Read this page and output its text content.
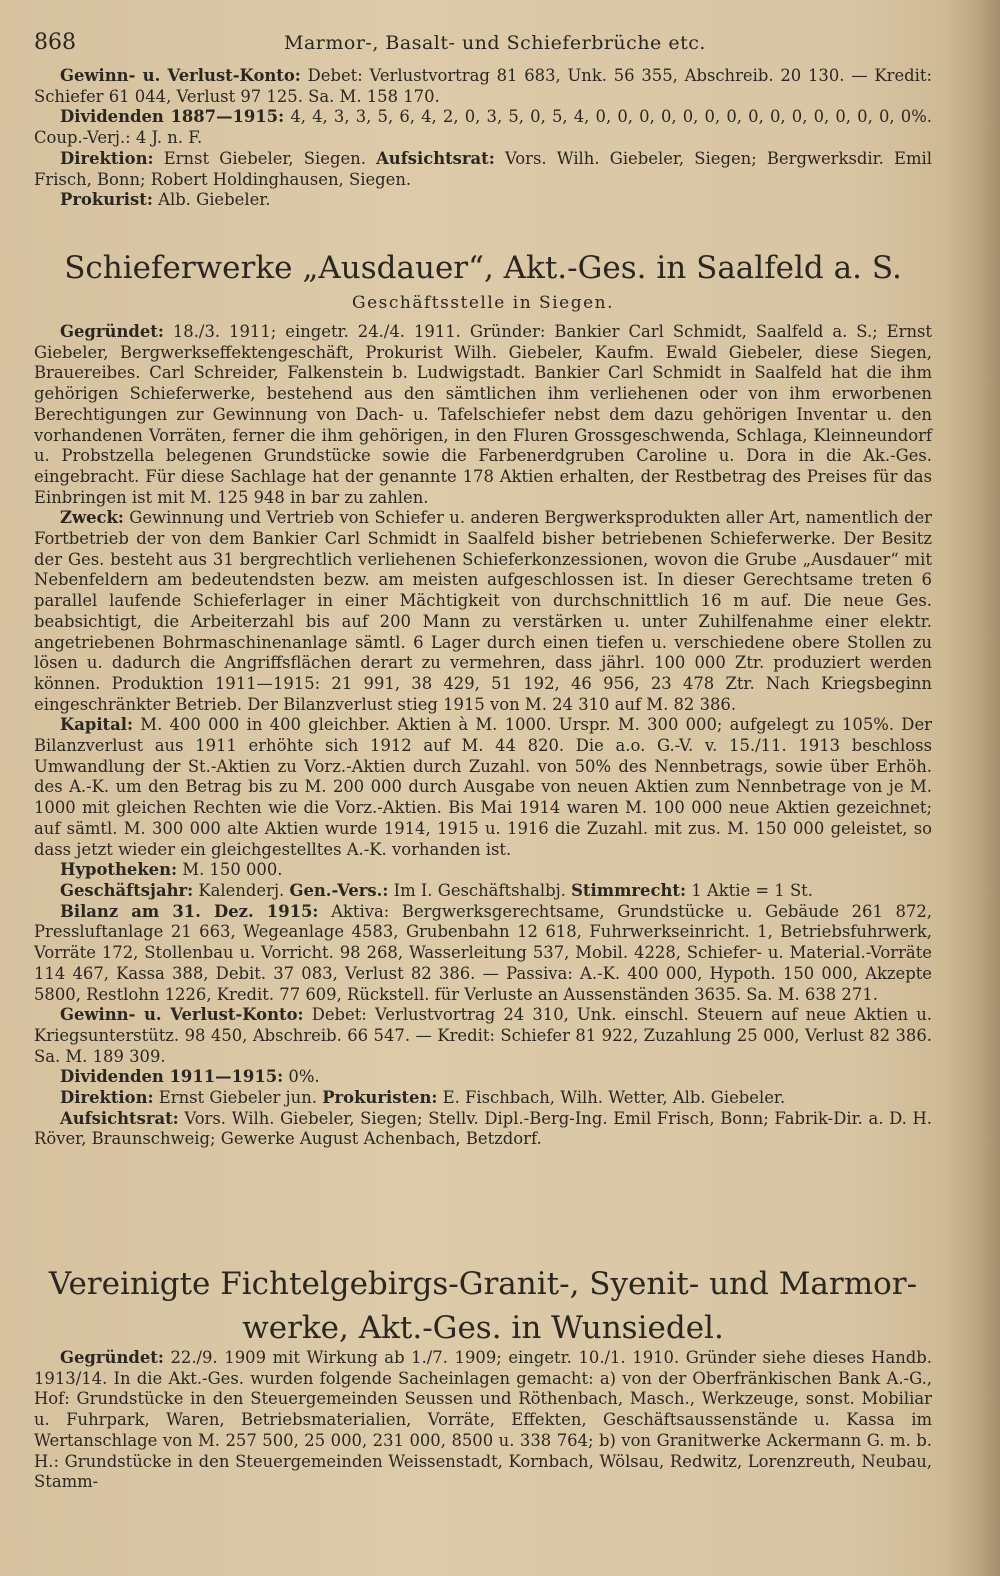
868	Marmor-, Basalt- und Schieferbrüche etc.

Gewinn- u. Verlust-Konto: Debet: Verlustvortrag 81 683, Unk. 56 355, Abschreib. 20 130. — Kredit: Schiefer 61 044, Verlust 97 125. Sa. M. 158 170.

Dividenden 1887—1915: 4, 4, 3, 3, 5, 6, 4, 2, 0, 3, 5, 0, 5, 4, 0, 0, 0, 0, 0, 0, 0, 0, 0, 0, 0, 0, 0, 0, 0%. Coup.-Verj.: 4 J. n. F.

Direktion: Ernst Giebeler, Siegen. Aufsichtsrat: Vors. Wilh. Giebeler, Siegen; Bergwerksdir. Emil Frisch, Bonn; Robert Holdinghausen, Siegen.

Prokurist: Alb. Giebeler.

Schieferwerke „Ausdauer“, Akt.-Ges. in Saalfeld a. S.
Geschäftsstelle in Siegen.

Gegründet: 18./3. 1911; eingetr. 24./4. 1911. Gründer: Bankier Carl Schmidt, Saalfeld a. S.; Ernst Giebeler, Bergwerkseffektengeschäft, Prokurist Wilh. Giebeler, Kaufm. Ewald Giebeler, diese Siegen, Brauereibes. Carl Schreider, Falkenstein b. Ludwigstadt. Bankier Carl Schmidt in Saalfeld hat die ihm gehörigen Schieferwerke, bestehend aus den sämtlichen ihm verliehenen oder von ihm erworbenen Berechtigungen zur Gewinnung von Dach- u. Tafelschiefer nebst dem dazu gehörigen Inventar u. den vorhandenen Vorräten, ferner die ihm gehörigen, in den Fluren Grossgeschwenda, Schlaga, Kleinneundorf u. Probstzella belegenen Grundstücke sowie die Farbenerdgruben Caroline u. Dora in die Ak.-Ges. eingebracht. Für diese Sachlage hat der genannte 178 Aktien erhalten, der Restbetrag des Preises für das Einbringen ist mit M. 125 948 in bar zu zahlen.

Zweck: Gewinnung und Vertrieb von Schiefer u. anderen Bergwerksprodukten aller Art, namentlich der Fortbetrieb der von dem Bankier Carl Schmidt in Saalfeld bisher betriebenen Schieferwerke. Der Besitz der Ges. besteht aus 31 bergrechtlich verliehenen Schieferkonzessionen, wovon die Grube „Ausdauer“ mit Nebenfeldern am bedeutendsten bezw. am meisten aufgeschlossen ist. In dieser Gerechtsame treten 6 parallel laufende Schieferlager in einer Mächtigkeit von durchschnittlich 16 m auf. Die neue Ges. beabsichtigt, die Arbeiterzahl bis auf 200 Mann zu verstärken u. unter Zuhilfenahme einer elektr. angetriebenen Bohrmaschinenanlage sämtl. 6 Lager durch einen tiefen u. verschiedene obere Stollen zu lösen u. dadurch die Angriffsflächen derart zu vermehren, dass jährl. 100 000 Ztr. produziert werden können. Produktion 1911—1915: 21 991, 38 429, 51 192, 46 956, 23 478 Ztr. Nach Kriegsbeginn eingeschränkter Betrieb. Der Bilanzverlust stieg 1915 von M. 24 310 auf M. 82 386.

Kapital: M. 400 000 in 400 gleichber. Aktien à M. 1000. Urspr. M. 300 000; aufgelegt zu 105%. Der Bilanzverlust aus 1911 erhöhte sich 1912 auf M. 44 820. Die a.o. G.-V. v. 15./11. 1913 beschloss Umwandlung der St.-Aktien zu Vorz.-Aktien durch Zuzahl. von 50% des Nennbetrags, sowie über Erhöh. des A.-K. um den Betrag bis zu M. 200 000 durch Ausgabe von neuen Aktien zum Nennbetrage von je M. 1000 mit gleichen Rechten wie die Vorz.-Aktien. Bis Mai 1914 waren M. 100 000 neue Aktien gezeichnet; auf sämtl. M. 300 000 alte Aktien wurde 1914, 1915 u. 1916 die Zuzahl. mit zus. M. 150 000 geleistet, so dass jetzt wieder ein gleichgestelltes A.-K. vorhanden ist.

Hypotheken: M. 150 000.

Geschäftsjahr: Kalenderj. Gen.-Vers.: Im I. Geschäftshalbj. Stimmrecht: 1 Aktie = 1 St.

Bilanz am 31. Dez. 1915: Aktiva: Bergwerksgerechtsame, Grundstücke u. Gebäude 261 872, Pressluftanlage 21 663, Wegeanlage 4583, Grubenbahn 12 618, Fuhrwerkseinricht. 1, Betriebsfuhrwerk, Vorräte 172, Stollenbau u. Vorricht. 98 268, Wasserleitung 537, Mobil. 4228, Schiefer- u. Material.-Vorräte 114 467, Kassa 388, Debit. 37 083, Verlust 82 386. — Passiva: A.-K. 400 000, Hypoth. 150 000, Akzepte 5800, Restlohn 1226, Kredit. 77 609, Rückstell. für Verluste an Aussenständen 3635. Sa. M. 638 271.

Gewinn- u. Verlust-Konto: Debet: Verlustvortrag 24 310, Unk. einschl. Steuern auf neue Aktien u. Kriegsunterstütz. 98 450, Abschreib. 66 547. — Kredit: Schiefer 81 922, Zuzahlung 25 000, Verlust 82 386. Sa. M. 189 309.

Dividenden 1911—1915: 0%.

Direktion: Ernst Giebeler jun. Prokuristen: E. Fischbach, Wilh. Wetter, Alb. Giebeler.

Aufsichtsrat: Vors. Wilh. Giebeler, Siegen; Stellv. Dipl.-Berg-Ing. Emil Frisch, Bonn; Fabrik-Dir. a. D. H. Röver, Braunschweig; Gewerke August Achenbach, Betzdorf.

Vereinigte Fichtelgebirgs-Granit-, Syenit- und Marmor-
werke, Akt.-Ges. in Wunsiedel.

Gegründet: 22./9. 1909 mit Wirkung ab 1./7. 1909; eingetr. 10./1. 1910. Gründer siehe dieses Handb. 1913/14. In die Akt.-Ges. wurden folgende Sacheinlagen gemacht: a) von der Oberfränkischen Bank A.-G., Hof: Grundstücke in den Steuergemeinden Seussen und Röthenbach, Masch., Werkzeuge, sonst. Mobiliar u. Fuhrpark, Waren, Betriebsmaterialien, Vorräte, Effekten, Geschäftsaussenstände u. Kassa im Wertanschlage von M. 257 500, 25 000, 231 000, 8500 u. 338 764; b) von Granitwerke Ackermann G. m. b. H.: Grundstücke in den Steuergemeinden Weissenstadt, Kornbach, Wölsau, Redwitz, Lorenzreuth, Neubau, Stamm-
